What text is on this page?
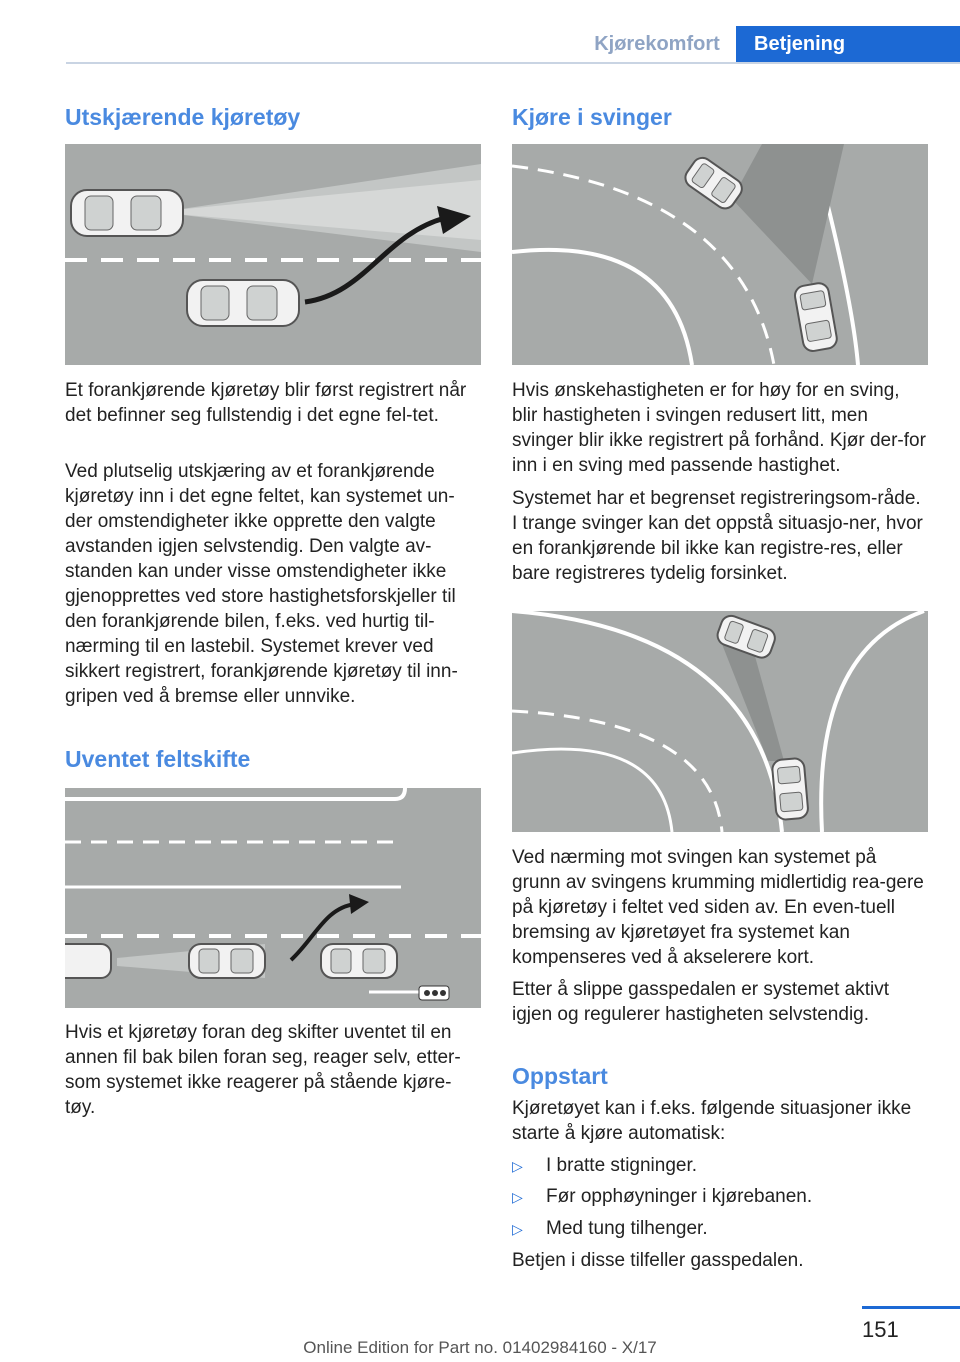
Kjørekomfort	Betjening
Utskjærende kjøretøy

Et forankjørende kjøretøy blir først registrert når det befinner seg fullstendig i det egne fel-tet.

Ved plutselig utskjæring av et forankjørende kjøretøy inn i det egne feltet, kan systemet un-der omstendigheter ikke opprette den valgte avstanden igjen selvstendig. Den valgte av-standen kan under visse omstendigheter ikke gjenopprettes ved store hastighetsforskjeller til den forankjørende bilen, f.eks. ved hurtig til-nærming til en lastebil. Systemet krever ved sikkert registrert, forankjørende kjøretøy til inn-gripen ved å bremse eller unnvike.

Uventet feltskifte

Hvis et kjøretøy foran deg skifter uventet til en annen fil bak bilen foran seg, reager selv, etter-som systemet ikke reagerer på stående kjøre-tøy.

Kjøre i svinger

Hvis ønskehastigheten er for høy for en sving, blir hastigheten i svingen redusert litt, men svinger blir ikke registrert på forhånd. Kjør der-for inn i en sving med passende hastighet.

Systemet har et begrenset registreringsom-råde. I trange svinger kan det oppstå situasjo-ner, hvor en forankjørende bil ikke kan registre-res, eller bare registreres tydelig forsinket.

Ved nærming mot svingen kan systemet på grunn av svingens krumming midlertidig rea-gere på kjøretøy i feltet ved siden av. En even-tuell bremsing av kjøretøyet fra systemet kan kompenseres ved å akselerere kort.

Etter å slippe gasspedalen er systemet aktivt igjen og regulerer hastigheten selvstendig.

Oppstart

Kjøretøyet kan i f.eks. følgende situasjoner ikke starte å kjøre automatisk:

▷	I bratte stigninger.
▷	Før opphøyninger i kjørebanen.
▷	Med tung tilhenger.

Betjen i disse tilfeller gasspedalen.

151
Online Edition for Part no. 01402984160 - X/17
